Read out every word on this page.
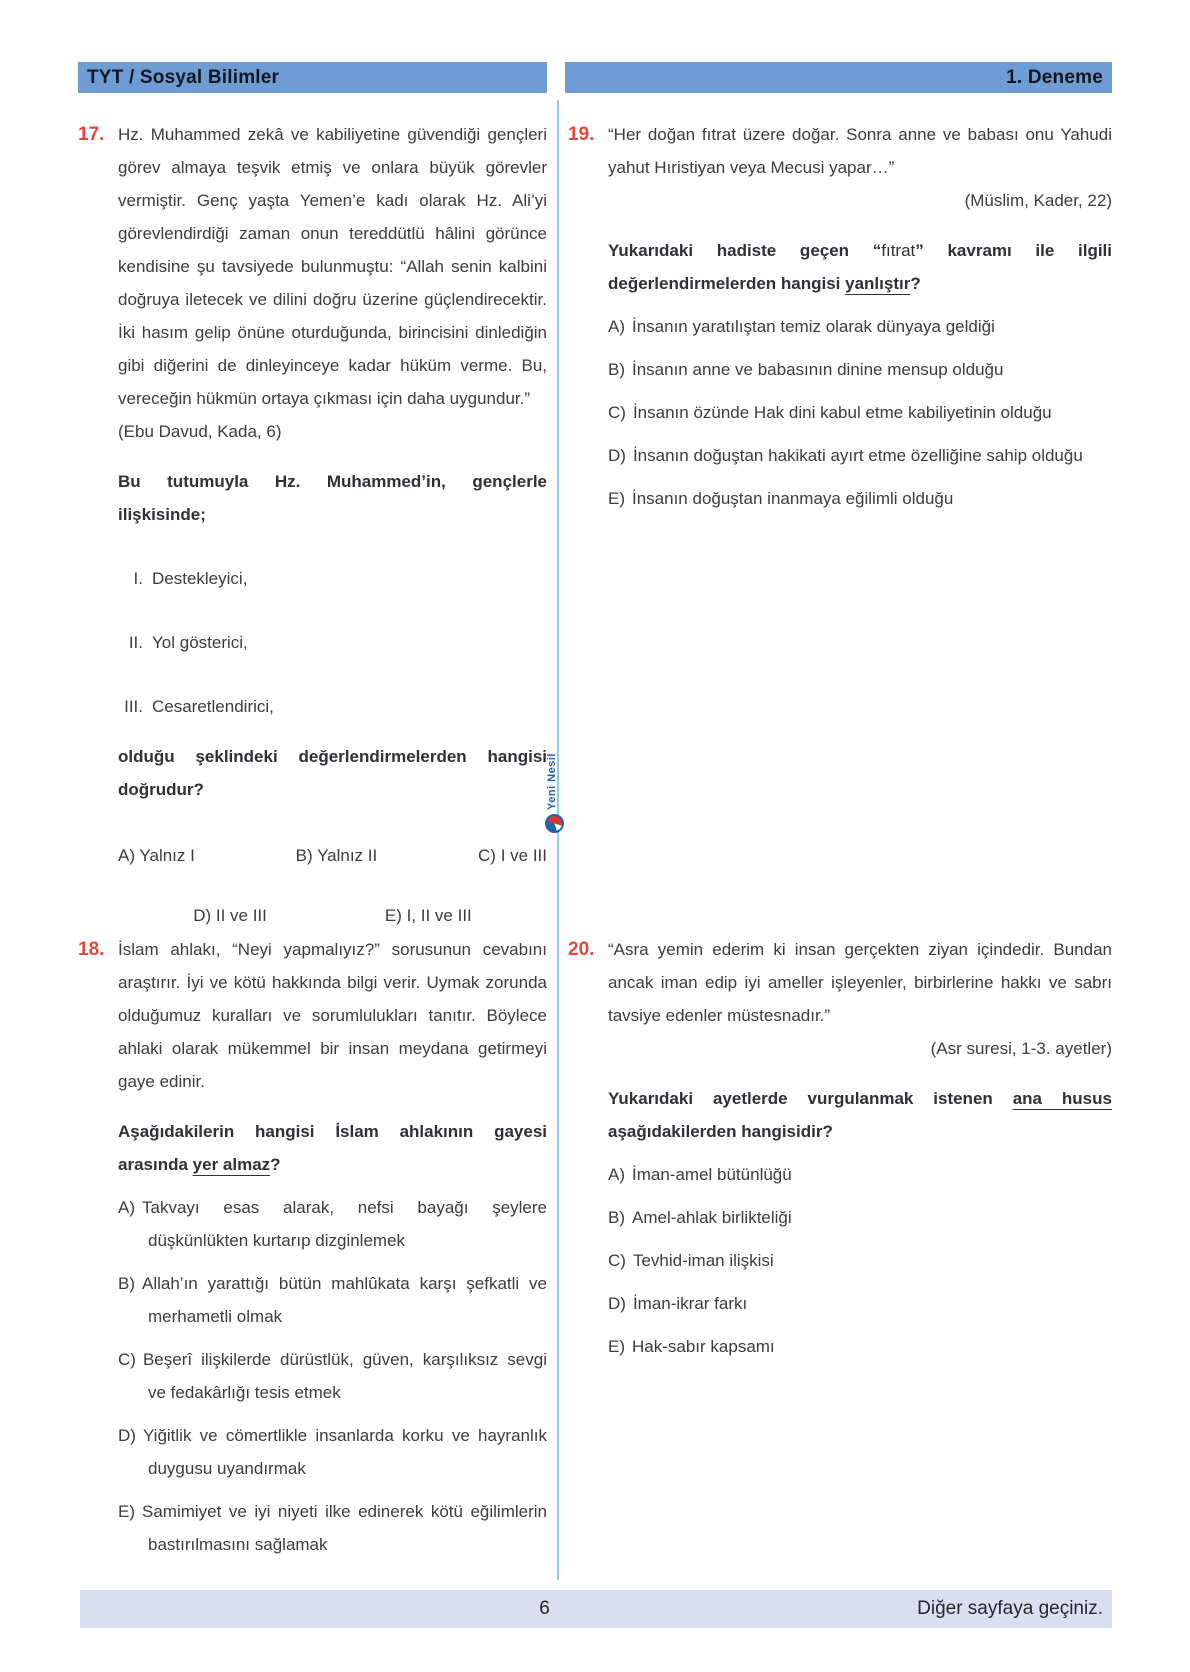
TYT / Sosyal Bilimler	1. Deneme
17. Hz. Muhammed zekâ ve kabiliyetine güvendiği gençleri görev almaya teşvik etmiş ve onlara büyük görevler vermiştir. Genç yaşta Yemen’e kadı olarak Hz. Ali’yi görevlendirdiği zaman onun tereddütlü hâlini görünce kendisine şu tavsiyede bulunmuştu: “Allah senin kalbini doğruya iletecek ve dilini doğru üzerine güçlendirecektir. İki hasım gelip önüne oturduğunda, birincisini dinlediğin gibi diğerini de dinleyinceye kadar hüküm verme. Bu, vereceğin hükmün ortaya çıkması için daha uygundur.”

(Ebu Davud, Kada, 6)

Bu tutumuyla Hz. Muhammed’in, gençlerle ilişkisinde;

I. Destekleyici,
II. Yol gösterici,
III. Cesaretlendirici,

olduğu şeklindeki değerlendirmelerden hangisi doğrudur?

A) Yalnız I	B) Yalnız II	C) I ve III
D) II ve III	E) I, II ve III
18. İslam ahlakı, “Neyi yapmalıyız?” sorusunun cevabını araştırır. İyi ve kötü hakkında bilgi verir. Uymak zorunda olduğumuz kuralları ve sorumlulukları tanıtır. Böylece ahlaki olarak mükemmel bir insan meydana getirmeyi gaye edinir.

Aşağıdakilerin hangisi İslam ahlakının gayesi arasında yer almaz?

A) Takvayı esas alarak, nefsi bayağı şeylere düşkünlükten kurtarıp dizginlemek

B) Allah’ın yarattığı bütün mahlûkata karşı şefkatli ve merhametli olmak

C) Beşerî ilişkilerde dürüstlük, güven, karşılıksız sevgi ve fedakârlığı tesis etmek

D) Yiğitlik ve cömertlikle insanlarda korku ve hayranlık duygusu uyandırmak

E) Samimiyet ve iyi niyeti ilke edinerek kötü eğilimlerin bastırılmasını sağlamak

19. “Her doğan fıtrat üzere doğar. Sonra anne ve babası onu Yahudi yahut Hıristiyan veya Mecusi yapar…”

(Müslim, Kader, 22)

Yukarıdaki hadiste geçen “fıtrat” kavramı ile ilgili değerlendirmelerden hangisi yanlıştır?

A) İnsanın yaratılıştan temiz olarak dünyaya geldiği

B) İnsanın anne ve babasının dinine mensup olduğu

C) İnsanın özünde Hak dini kabul etme kabiliyetinin olduğu

D) İnsanın doğuştan hakikati ayırt etme özelliğine sahip olduğu

E) İnsanın doğuştan inanmaya eğilimli olduğu

20. “Asra yemin ederim ki insan gerçekten ziyan içindedir. Bundan ancak iman edip iyi ameller işleyenler, birbirlerine hakkı ve sabrı tavsiye edenler müstesnadır.”

(Asr suresi, 1-3. ayetler)

Yukarıdaki ayetlerde vurgulanmak istenen ana husus aşağıdakilerden hangisidir?

A) İman-amel bütünlüğü

B) Amel-ahlak birlikteliği

C) Tevhid-iman ilişkisi

D) İman-ikrar farkı

E) Hak-sabır kapsamı

Yeni Nesil
6	Diğer sayfaya geçiniz.
